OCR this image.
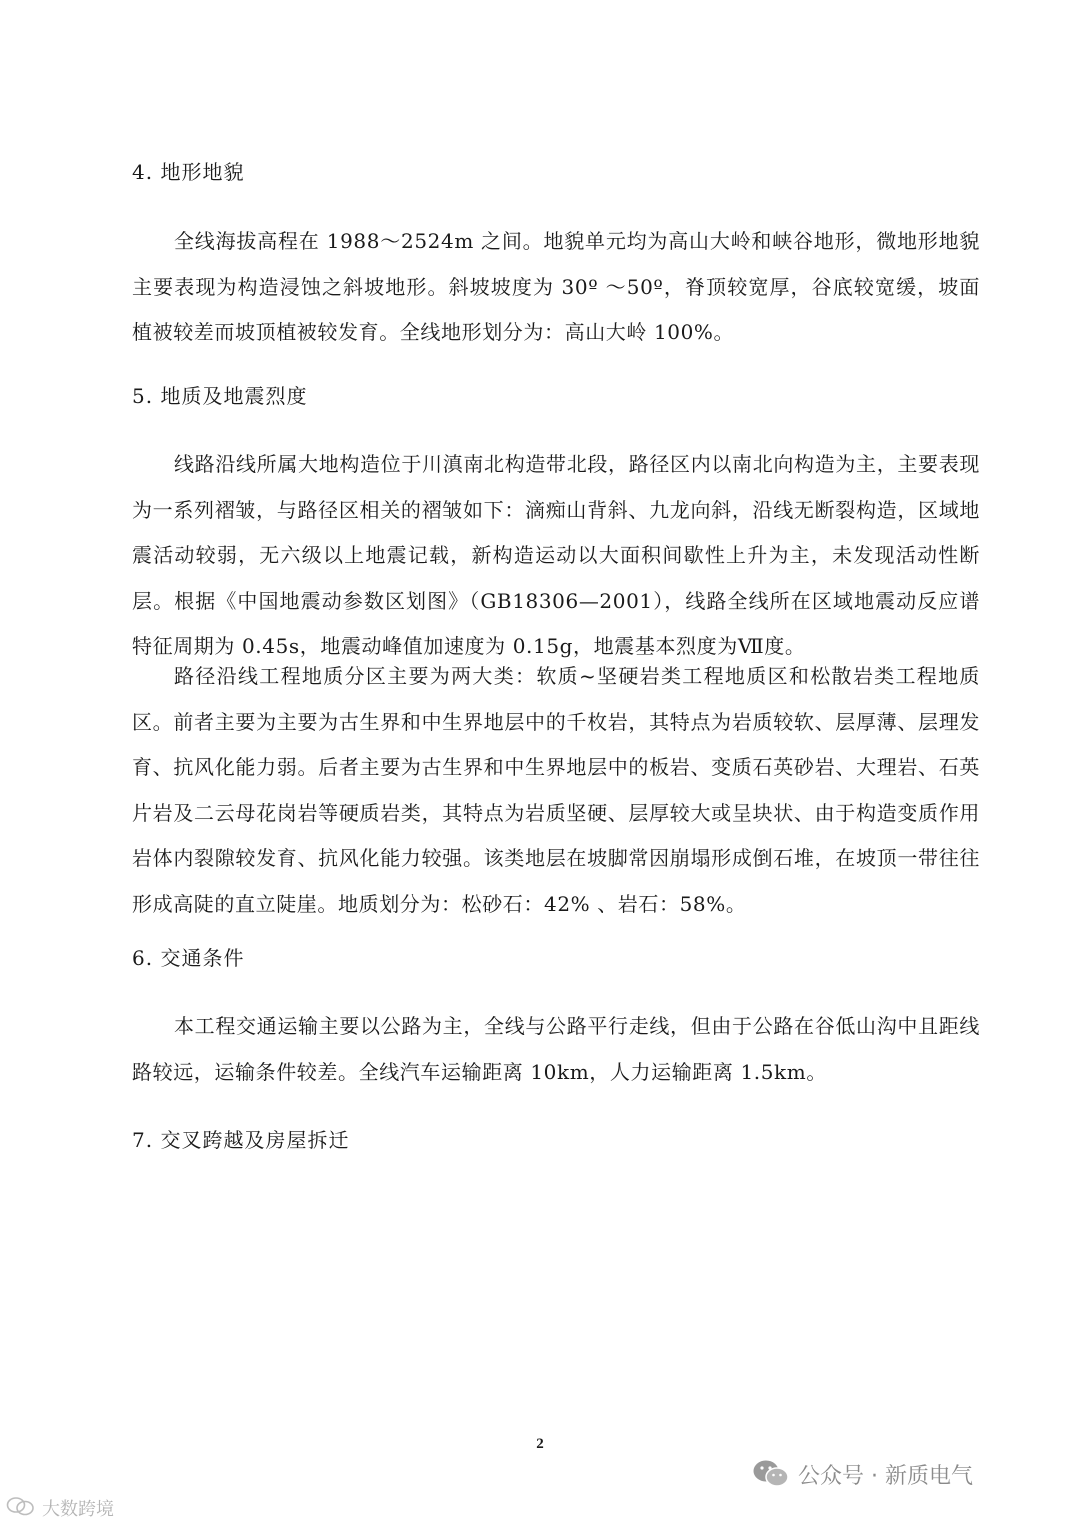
4. 地形地貌

全线海拔高程在 1988～2524m 之间。地貌单元均为高山大岭和峡谷地形，微地形地貌主要表现为构造浸蚀之斜坡地形。斜坡坡度为 30º ～50º，脊顶较宽厚，谷底较宽缓，坡面植被较差而坡顶植被较发育。全线地形划分为：高山大岭 100%。

5. 地质及地震烈度

线路沿线所属大地构造位于川滇南北构造带北段，路径区内以南北向构造为主，主要表现为一系列褶皱，与路径区相关的褶皱如下：滴痴山背斜、九龙向斜，沿线无断裂构造，区域地震活动较弱，无六级以上地震记载，新构造运动以大面积间歇性上升为主，未发现活动性断层。根据《中国地震动参数区划图》（GB18306—2001），线路全线所在区域地震动反应谱特征周期为 0.45s，地震动峰值加速度为 0.15g，地震基本烈度为Ⅶ度。

路径沿线工程地质分区主要为两大类：软质~坚硬岩类工程地质区和松散岩类工程地质区。前者主要为主要为古生界和中生界地层中的千枚岩，其特点为岩质较软、层厚薄、层理发育、抗风化能力弱。后者主要为古生界和中生界地层中的板岩、变质石英砂岩、大理岩、石英片岩及二云母花岗岩等硬质岩类，其特点为岩质坚硬、层厚较大或呈块状、由于构造变质作用岩体内裂隙较发育、抗风化能力较强。该类地层在坡脚常因崩塌形成倒石堆，在坡顶一带往往形成高陡的直立陡崖。地质划分为：松砂石：42% 、岩石：58%。

6. 交通条件

本工程交通运输主要以公路为主，全线与公路平行走线，但由于公路在谷低山沟中且距线路较远，运输条件较差。全线汽车运输距离 10km，人力运输距离 1.5km。

7. 交叉跨越及房屋拆迁
2
公众号 · 新质电气
大数跨境
